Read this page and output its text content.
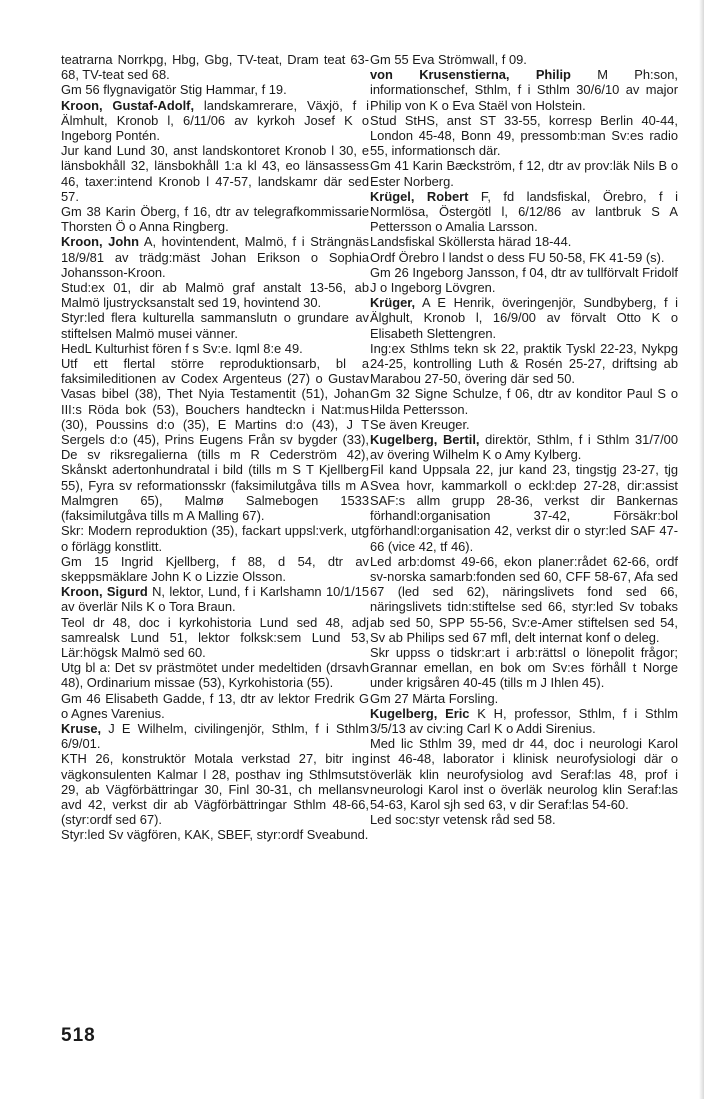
teatrarna Norrkpg, Hbg, Gbg, TV-teat, Dram teat 63-68, TV-teat sed 68.

Gm 56 flygnavigatör Stig Hammar, f 19.

Kroon, Gustaf-Adolf, landskamrerare, Växjö, f i Älmhult, Kronob l, 6/11/06 av kyrkoh Josef K o Ingeborg Pontén.

Jur kand Lund 30, anst landskontoret Kronob l 30, e länsbokhåll 32, länsbokhåll 1:a kl 43, eo länsassess 46, taxer:intend Kronob l 47-57, landskamr där sed 57.

Gm 38 Karin Öberg, f 16, dtr av telegrafkommissarie Thorsten Ö o Anna Ringberg.

Kroon, John A, hovintendent, Malmö, f i Strängnäs 18/9/81 av trädg:mäst Johan Erikson o Sophia Johansson-Kroon.

Stud:ex 01, dir ab Malmö graf anstalt 13-56, ab Malmö ljustrycksanstalt sed 19, hovintend 30.

Styr:led flera kulturella sammanslutn o grundare av stiftelsen Malmö musei vänner.

HedL Kulturhist fören f s Sv:e. Iqml 8:e 49.

Utf ett flertal större reproduktionsarb, bl a faksimileditionen av Codex Argenteus (27) o Gustav Vasas bibel (38), Thet Nyia Testamentit (51), Johan III:s Röda bok (53), Bouchers handteckn i Nat:mus (30), Poussins d:o (35), E Martins d:o (43), J T Sergels d:o (45), Prins Eugens Från sv bygder (33), De sv riksregalierna (tills m R Cederström 42), Skånskt adertonhundratal i bild (tills m S T Kjellberg 55), Fyra sv reformationsskr (faksimilutgåva tills m A Malmgren 65), Malmø Salmebogen 1533 (faksimilutgåva tills m A Malling 67).

Skr: Modern reproduktion (35), fackart uppsl:verk, utg o förlägg konstlitt.

Gm 15 Ingrid Kjellberg, f 88, d 54, dtr av skeppsmäklare John K o Lizzie Olsson.

Kroon, Sigurd N, lektor, Lund, f i Karlshamn 10/1/15 av överlär Nils K o Tora Braun.

Teol dr 48, doc i kyrkohistoria Lund sed 48, adj samrealsk Lund 51, lektor folksk:sem Lund 53, Lär:högsk Malmö sed 60.

Utg bl a: Det sv prästmötet under medeltiden (drsavh 48), Ordinarium missae (53), Kyrkohistoria (55).

Gm 46 Elisabeth Gadde, f 13, dtr av lektor Fredrik G o Agnes Varenius.

Kruse, J E Wilhelm, civilingenjör, Sthlm, f i Sthlm 6/9/01.

KTH 26, konstruktör Motala verkstad 27, bitr ing vägkonsulenten Kalmar l 28, posthav ing Sthlmsutst 29, ab Vägförbättringar 30, Finl 30-31, ch mellansv avd 42, verkst dir ab Vägförbättringar Sthlm 48-66, (styr:ordf sed 67).

Styr:led Sv vägfören, KAK, SBEF, styr:ordf Sveabund.

Gm 55 Eva Strömwall, f 09.

von Krusenstierna, Philip M Ph:son, informationschef, Sthlm, f i Sthlm 30/6/10 av major Philip von K o Eva Staël von Holstein.

Stud StHS, anst ST 33-55, korresp Berlin 40-44, London 45-48, Bonn 49, pressomb:man Sv:es radio 55, informationsch där.

Gm 41 Karin Bæckström, f 12, dtr av prov:läk Nils B o Ester Norberg.

Krügel, Robert F, fd landsfiskal, Örebro, f i Normlösa, Östergötl l, 6/12/86 av lantbruk S A Pettersson o Amalia Larsson.

Landsfiskal Sköllersta härad 18-44.

Ordf Örebro l landst o dess FU 50-58, FK 41-59 (s).

Gm 26 Ingeborg Jansson, f 04, dtr av tullförvalt Fridolf J o Ingeborg Lövgren.

Krüger, A E Henrik, överingenjör, Sundbyberg, f i Älghult, Kronob l, 16/9/00 av förvalt Otto K o Elisabeth Slettengren.

Ing:ex Sthlms tekn sk 22, praktik Tyskl 22-23, Nykpg 24-25, kontrolling Luth & Rosén 25-27, driftsing ab Marabou 27-50, övering där sed 50.

Gm 32 Signe Schulze, f 06, dtr av konditor Paul S o Hilda Pettersson.

Se även Kreuger.

Kugelberg, Bertil, direktör, Sthlm, f i Sthlm 31/7/00 av övering Wilhelm K o Amy Kylberg.

Fil kand Uppsala 22, jur kand 23, tingstjg 23-27, tjg Svea hovr, kammarkoll o eckl:dep 27-28, dir:assist SAF:s allm grupp 28-36, verkst dir Bankernas förhandl:organisation 37-42, Försäkr:bol förhandl:organisation 42, verkst dir o styr:led SAF 47-66 (vice 42, tf 46).

Led arb:domst 49-66, ekon planer:rådet 62-66, ordf sv-norska samarb:fonden sed 60, CFF 58-67, Afa sed 67 (led sed 62), näringslivets fond sed 66, näringslivets tidn:stiftelse sed 66, styr:led Sv tobaks ab sed 50, SPP 55-56, Sv:e-Amer stiftelsen sed 54, Sv ab Philips sed 67 mfl, delt internat konf o deleg.

Skr uppss o tidskr:art i arb:rättsl o lönepolit frågor; Grannar emellan, en bok om Sv:es förhåll t Norge under krigsåren 40-45 (tills m J Ihlen 45).

Gm 27 Märta Forsling.

Kugelberg, Eric K H, professor, Sthlm, f i Sthlm 3/5/13 av civ:ing Carl K o Addi Sirenius.

Med lic Sthlm 39, med dr 44, doc i neurologi Karol inst 46-48, laborator i klinisk neurofysiologi där o överläk klin neurofysiolog avd Seraf:las 48, prof i neurologi Karol inst o överläk neurolog klin Seraf:las 54-63, Karol sjh sed 63, v dir Seraf:las 54-60.

Led soc:styr vetensk råd sed 58.

518
